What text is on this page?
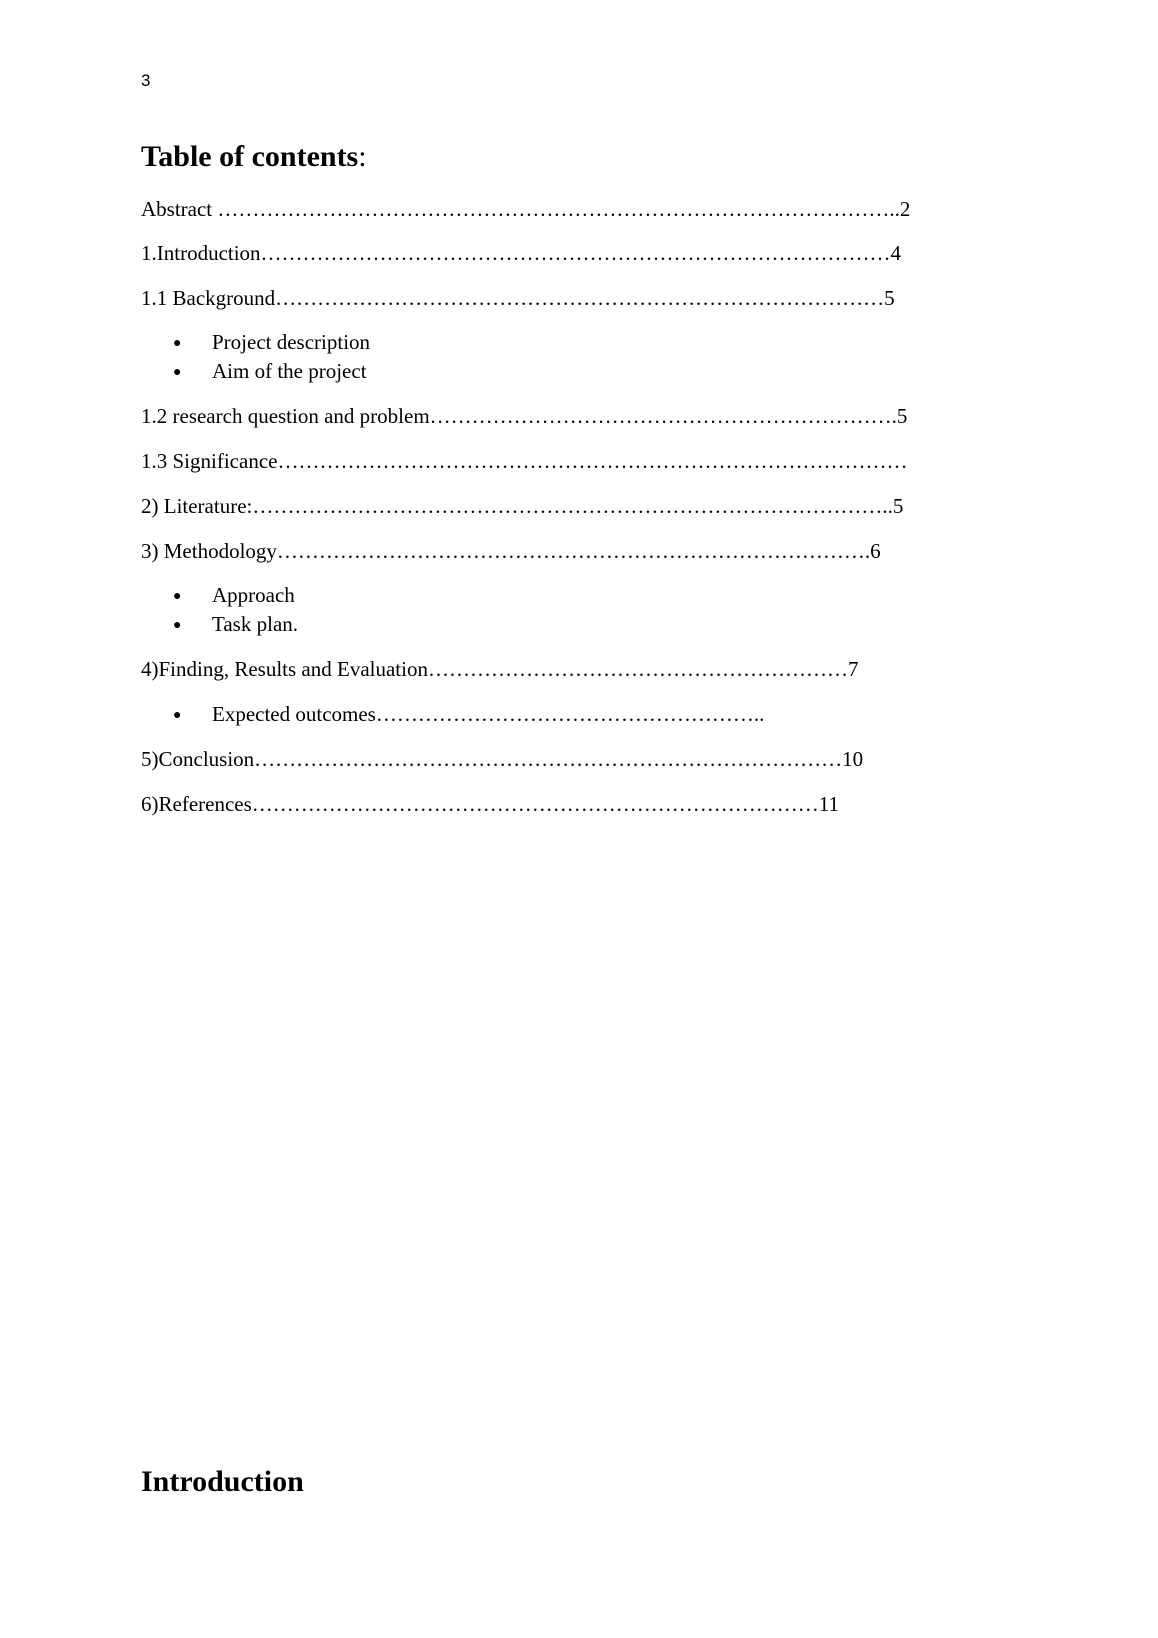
3
Table of contents:
Abstract ……………………………………………………………………………………..2
1.Introduction………………………………………………………………………………4
1.1 Background……………………………………………………………………………5
● Project description
● Aim of the project
1.2 research question and problem………………………………………………………….5
1.3 Significance………………………………………………………………………………
2) Literature:………………………………………………………………………………..5
3) Methodology………………………………………………………………………….6
● Approach
● Task plan.
4)Finding, Results and Evaluation……………………………………………………7
● Expected outcomes………………………………………………..
5)Conclusion…………………………………………………………………………10
6)References………………………………………………………………………11
Introduction
